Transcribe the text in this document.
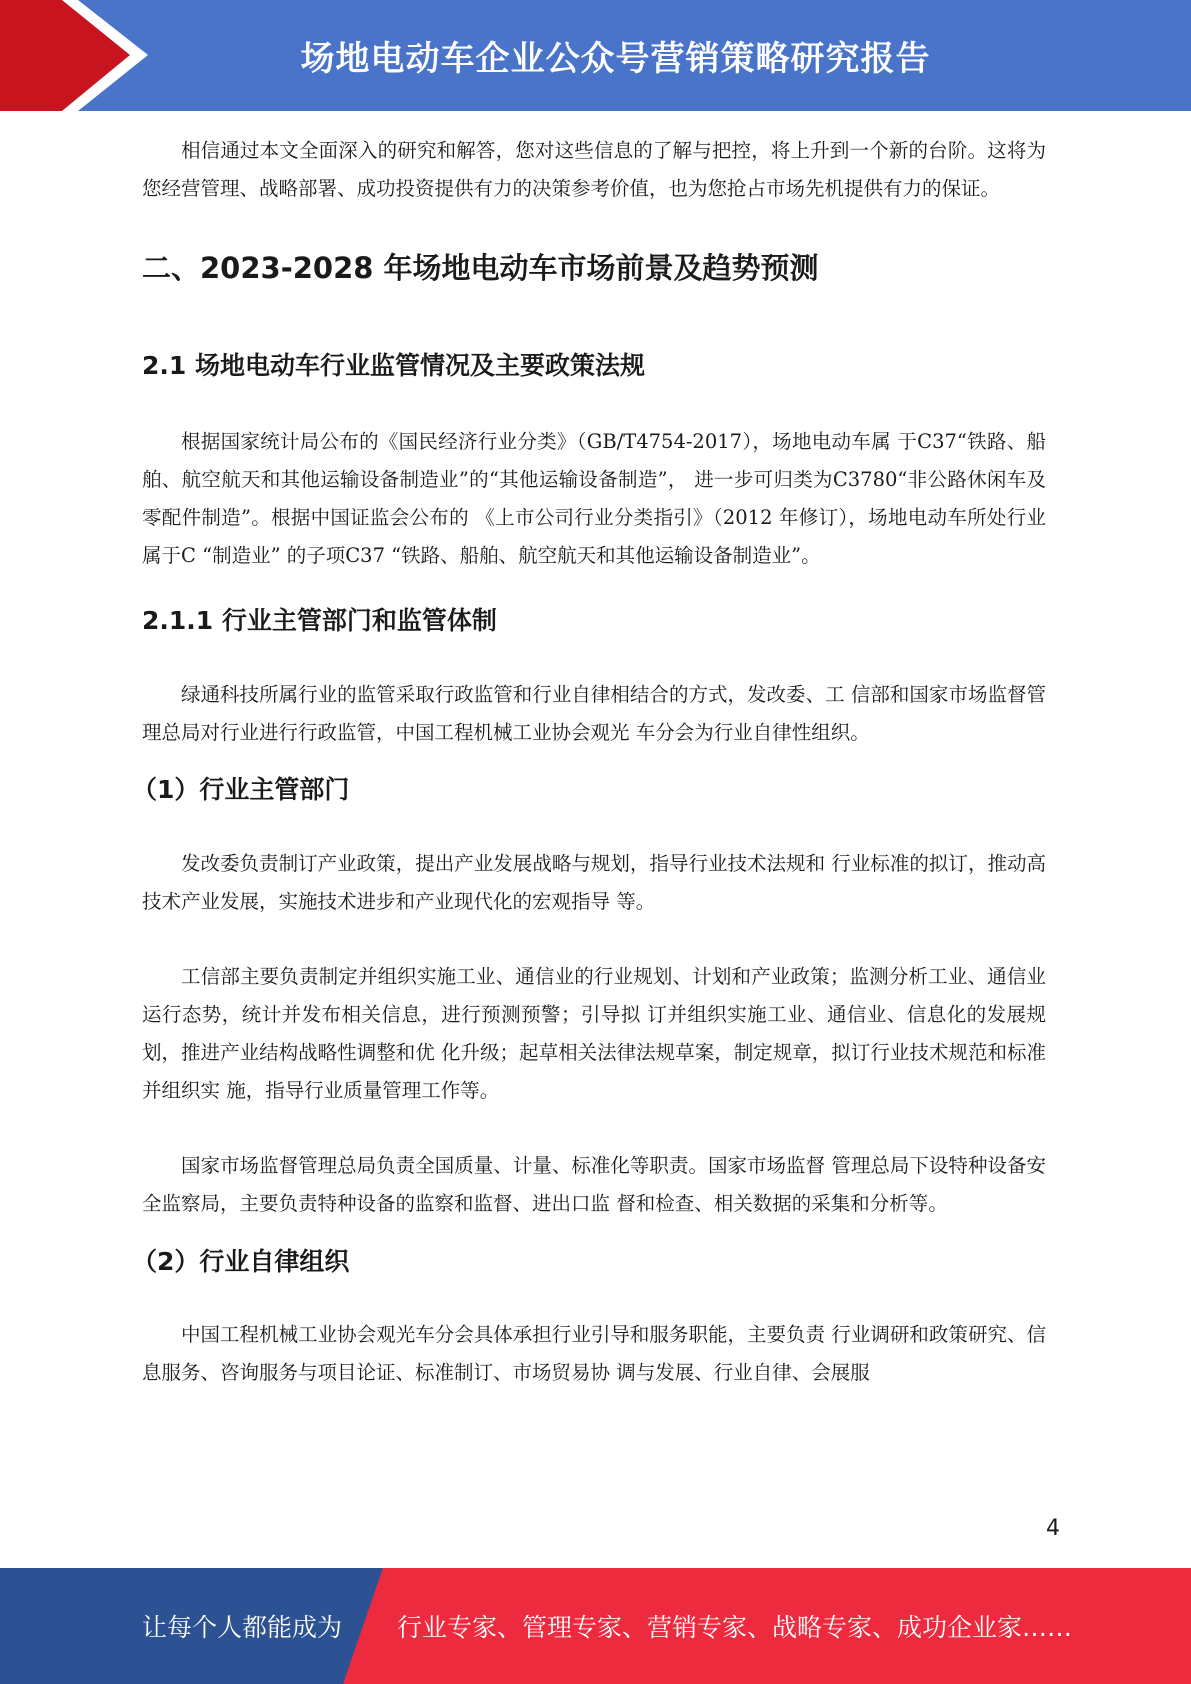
场地电动车企业公众号营销策略研究报告

相信通过本文全面深入的研究和解答，您对这些信息的了解与把控，将上升到一个新的台阶。这将为您经营管理、战略部署、成功投资提供有力的决策参考价值，也为您抢占市场先机提供有力的保证。

二、2023-2028 年场地电动车市场前景及趋势预测
2.1 场地电动车行业监管情况及主要政策法规

根据国家统计局公布的《国民经济行业分类》（GB/T4754-2017），场地电动车属 于C37“铁路、船舶、航空航天和其他运输设备制造业”的“其他运输设备制造”， 进一步可归类为C3780“非公路休闲车及零配件制造”。根据中国证监会公布的 《上市公司行业分类指引》（2012 年修订），场地电动车所处行业属于C “制造业” 的子项C37 “铁路、船舶、航空航天和其他运输设备制造业”。

2.1.1 行业主管部门和监管体制

绿通科技所属行业的监管采取行政监管和行业自律相结合的方式，发改委、工 信部和国家市场监督管理总局对行业进行行政监管，中国工程机械工业协会观光 车分会为行业自律性组织。

（1）行业主管部门

发改委负责制订产业政策，提出产业发展战略与规划，指导行业技术法规和 行业标准的拟订，推动高技术产业发展，实施技术进步和产业现代化的宏观指导 等。

工信部主要负责制定并组织实施工业、通信业的行业规划、计划和产业政策；监测分析工业、通信业运行态势，统计并发布相关信息，进行预测预警；引导拟 订并组织实施工业、通信业、信息化的发展规划，推进产业结构战略性调整和优 化升级；起草相关法律法规草案，制定规章，拟订行业技术规范和标准并组织实 施，指导行业质量管理工作等。

国家市场监督管理总局负责全国质量、计量、标准化等职责。国家市场监督 管理总局下设特种设备安全监察局，主要负责特种设备的监察和监督、进出口监 督和检查、相关数据的采集和分析等。

（2）行业自律组织

中国工程机械工业协会观光车分会具体承担行业引导和服务职能，主要负责 行业调研和政策研究、信息服务、咨询服务与项目论证、标准制订、市场贸易协 调与发展、行业自律、会展服

4
让每个人都能成为 行业专家、管理专家、营销专家、战略专家、成功企业家……
